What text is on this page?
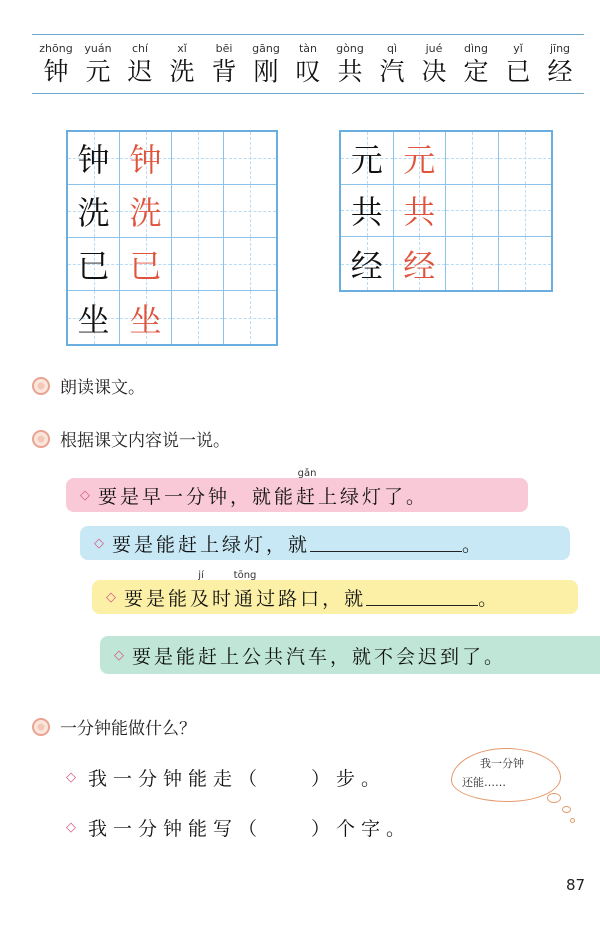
zhōng
钟
yuán
元
chí
迟
xǐ
洗
bēi
背
gāng
刚
tàn
叹
gòng
共
qì
汽
jué
决
dìng
定
yǐ
已
jīng
经
钟 钟
洗 洗
已 已
坐 坐
元 元
共 共
经 经
朗读课文。
根据课文内容说一说。
◇ 要是早一分钟，就能
gǎn
赶 上绿灯了。
◇ 要是能赶上绿灯，就	。
◇ 要是能
jí
及 时
tōng
通 过路口，就	。
◇ 要是能赶上公共汽车，就不会迟到了。
一分钟能做什么？
◇ 我一分钟能走（	）步。
◇ 我一分钟能写（	）个字。
我一分钟
还能……
87
